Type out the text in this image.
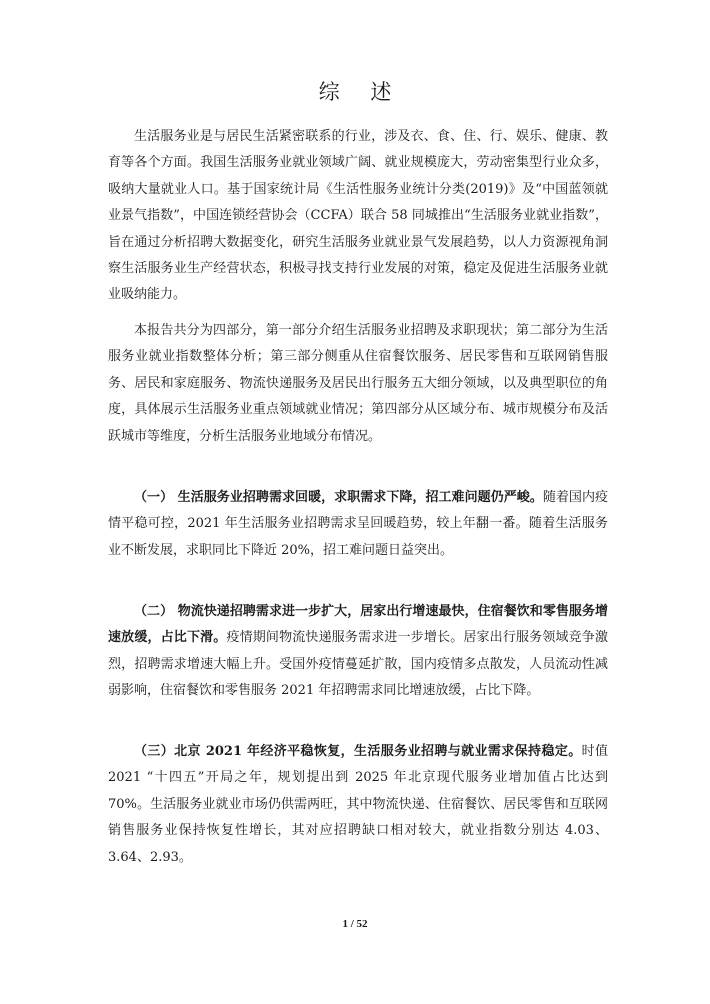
综 述

生活服务业是与居民生活紧密联系的行业，涉及衣、食、住、行、娱乐、健康、教育等各个方面。我国生活服务业就业领域广阔、就业规模庞大，劳动密集型行业众多，吸纳大量就业人口。基于国家统计局《生活性服务业统计分类(2019)》及“中国蓝领就业景气指数”，中国连锁经营协会（CCFA）联合 58 同城推出“生活服务业就业指数”，旨在通过分析招聘大数据变化，研究生活服务业就业景气发展趋势，以人力资源视角洞察生活服务业生产经营状态，积极寻找支持行业发展的对策，稳定及促进生活服务业就业吸纳能力。

本报告共分为四部分，第一部分介绍生活服务业招聘及求职现状；第二部分为生活服务业就业指数整体分析；第三部分侧重从住宿餐饮服务、居民零售和互联网销售服务、居民和家庭服务、物流快递服务及居民出行服务五大细分领域，以及典型职位的角度，具体展示生活服务业重点领域就业情况；第四部分从区域分布、城市规模分布及活跃城市等维度，分析生活服务业地域分布情况。

（一） 生活服务业招聘需求回暖，求职需求下降，招工难问题仍严峻。随着国内疫情平稳可控，2021 年生活服务业招聘需求呈回暖趋势，较上年翻一番。随着生活服务业不断发展，求职同比下降近 20%，招工难问题日益突出。

（二） 物流快递招聘需求进一步扩大，居家出行增速最快，住宿餐饮和零售服务增速放缓，占比下滑。疫情期间物流快递服务需求进一步增长。居家出行服务领域竞争激烈，招聘需求增速大幅上升。受国外疫情蔓延扩散，国内疫情多点散发，人员流动性减弱影响，住宿餐饮和零售服务 2021 年招聘需求同比增速放缓，占比下降。

（三）北京 2021 年经济平稳恢复，生活服务业招聘与就业需求保持稳定。时值 2021 “十四五”开局之年，规划提出到 2025 年北京现代服务业增加值占比达到 70%。生活服务业就业市场仍供需两旺，其中物流快递、住宿餐饮、居民零售和互联网销售服务业保持恢复性增长，其对应招聘缺口相对较大，就业指数分别达 4.03、3.64、2.93。

1 / 52
